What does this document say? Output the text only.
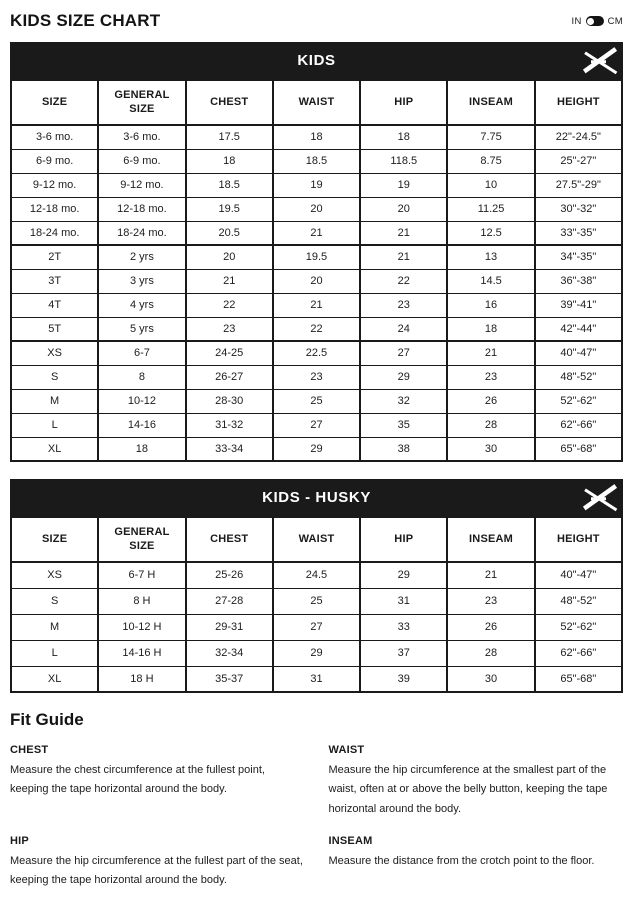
KIDS SIZE CHART	IN	CM
KIDS
SIZE	GENERAL SIZE	CHEST	WAIST	HIP	INSEAM	HEIGHT
3-6 mo.	3-6 mo.	17.5	18	18	7.75	22"-24.5"
6-9 mo.	6-9 mo.	18	18.5	118.5	8.75	25"-27"
9-12 mo.	9-12 mo.	18.5	19	19	10	27.5"-29"
12-18 mo.	12-18 mo.	19.5	20	20	11.25	30"-32"
18-24 mo.	18-24 mo.	20.5	21	21	12.5	33"-35"
2T	2 yrs	20	19.5	21	13	34"-35"
3T	3 yrs	21	20	22	14.5	36"-38"
4T	4 yrs	22	21	23	16	39"-41"
5T	5 yrs	23	22	24	18	42"-44"
XS	6-7	24-25	22.5	27	21	40"-47"
S	8	26-27	23	29	23	48"-52"
M	10-12	28-30	25	32	26	52"-62"
L	14-16	31-32	27	35	28	62"-66"
XL	18	33-34	29	38	30	65"-68"
KIDS - HUSKY
SIZE	GENERAL SIZE	CHEST	WAIST	HIP	INSEAM	HEIGHT
XS	6-7 H	25-26	24.5	29	21	40"-47"
S	8 H	27-28	25	31	23	48"-52"
M	10-12 H	29-31	27	33	26	52"-62"
L	14-16 H	32-34	29	37	28	62"-66"
XL	18 H	35-37	31	39	30	65"-68"
Fit Guide
CHEST
Measure the chest circumference at the fullest point, keeping the tape horizontal around the body.
WAIST
Measure the hip circumference at the smallest part of the waist, often at or above the belly button, keeping the tape horizontal around the body.
HIP
Measure the hip circumference at the fullest part of the seat, keeping the tape horizontal around the body.
INSEAM
Measure the distance from the crotch point to the floor.
